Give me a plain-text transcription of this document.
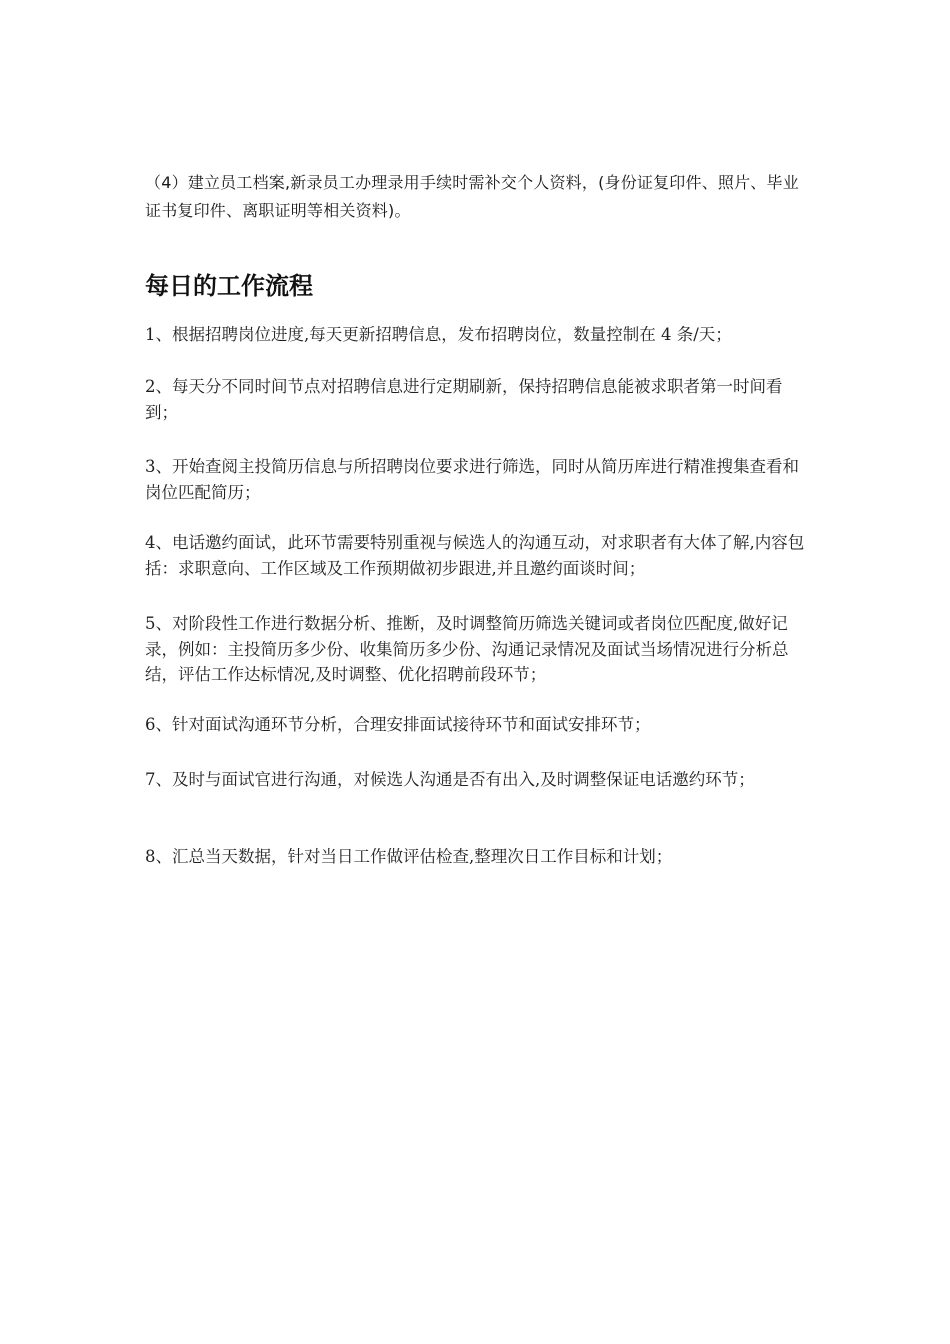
（4）建立员工档案,新录员工办理录用手续时需补交个人资料，(身份证复印件、照片、毕业证书复印件、离职证明等相关资料)。

每日的工作流程

1、根据招聘岗位进度,每天更新招聘信息，发布招聘岗位，数量控制在 4 条/天；

2、每天分不同时间节点对招聘信息进行定期刷新，保持招聘信息能被求职者第一时间看到；

3、开始查阅主投简历信息与所招聘岗位要求进行筛选，同时从简历库进行精准搜集查看和岗位匹配简历；

4、电话邀约面试，此环节需要特别重视与候选人的沟通互动，对求职者有大体了解,内容包括：求职意向、工作区域及工作预期做初步跟进,并且邀约面谈时间；

5、对阶段性工作进行数据分析、推断，及时调整简历筛选关键词或者岗位匹配度,做好记录，例如：主投简历多少份、收集简历多少份、沟通记录情况及面试当场情况进行分析总结，评估工作达标情况,及时调整、优化招聘前段环节；

6、针对面试沟通环节分析，合理安排面试接待环节和面试安排环节；

7、及时与面试官进行沟通，对候选人沟通是否有出入,及时调整保证电话邀约环节；

8、汇总当天数据，针对当日工作做评估检查,整理次日工作目标和计划；
